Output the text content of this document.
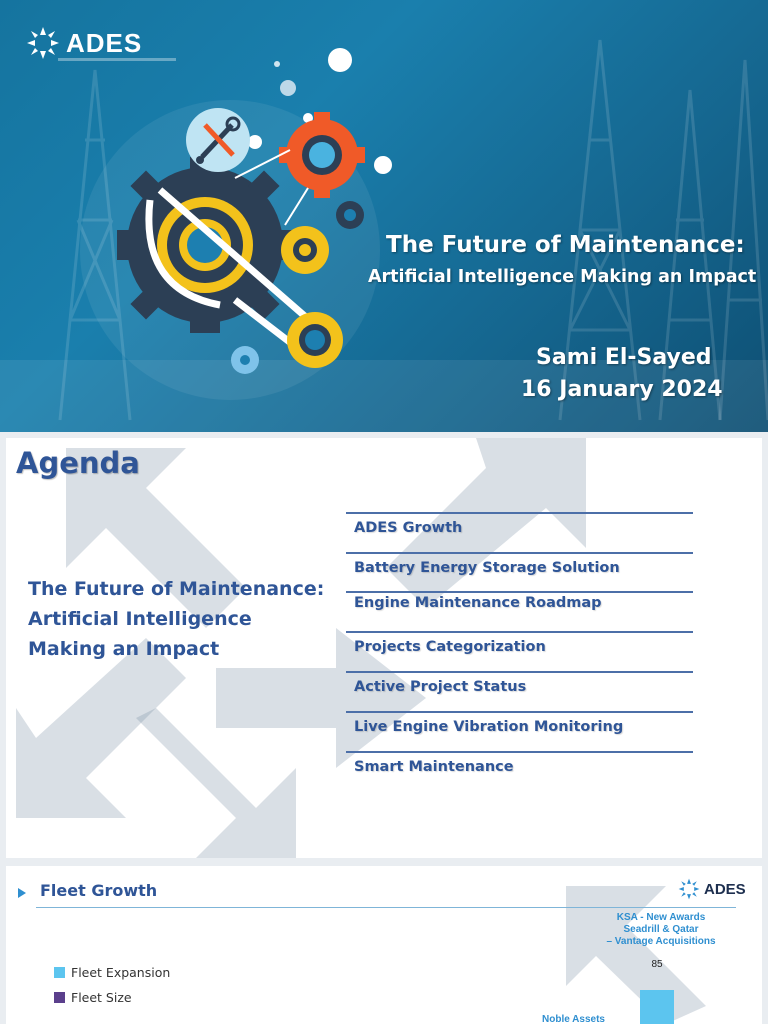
ADES
The Future of Maintenance:
Artificial Intelligence Making an Impact
Sami El-Sayed
16 January 2024
Agenda
The Future of Maintenance:
Artificial Intelligence
Making an Impact
ADES Growth
Battery Energy Storage Solution
Engine Maintenance Roadmap
Projects Categorization
Active Project Status
Live Engine Vibration Monitoring
Smart Maintenance
Fleet Growth	ADES
Fleet Expansion
Fleet Size
KSA - New Awards
Seadrill & Qatar
– Vantage Acquisitions
85
Noble Assets
